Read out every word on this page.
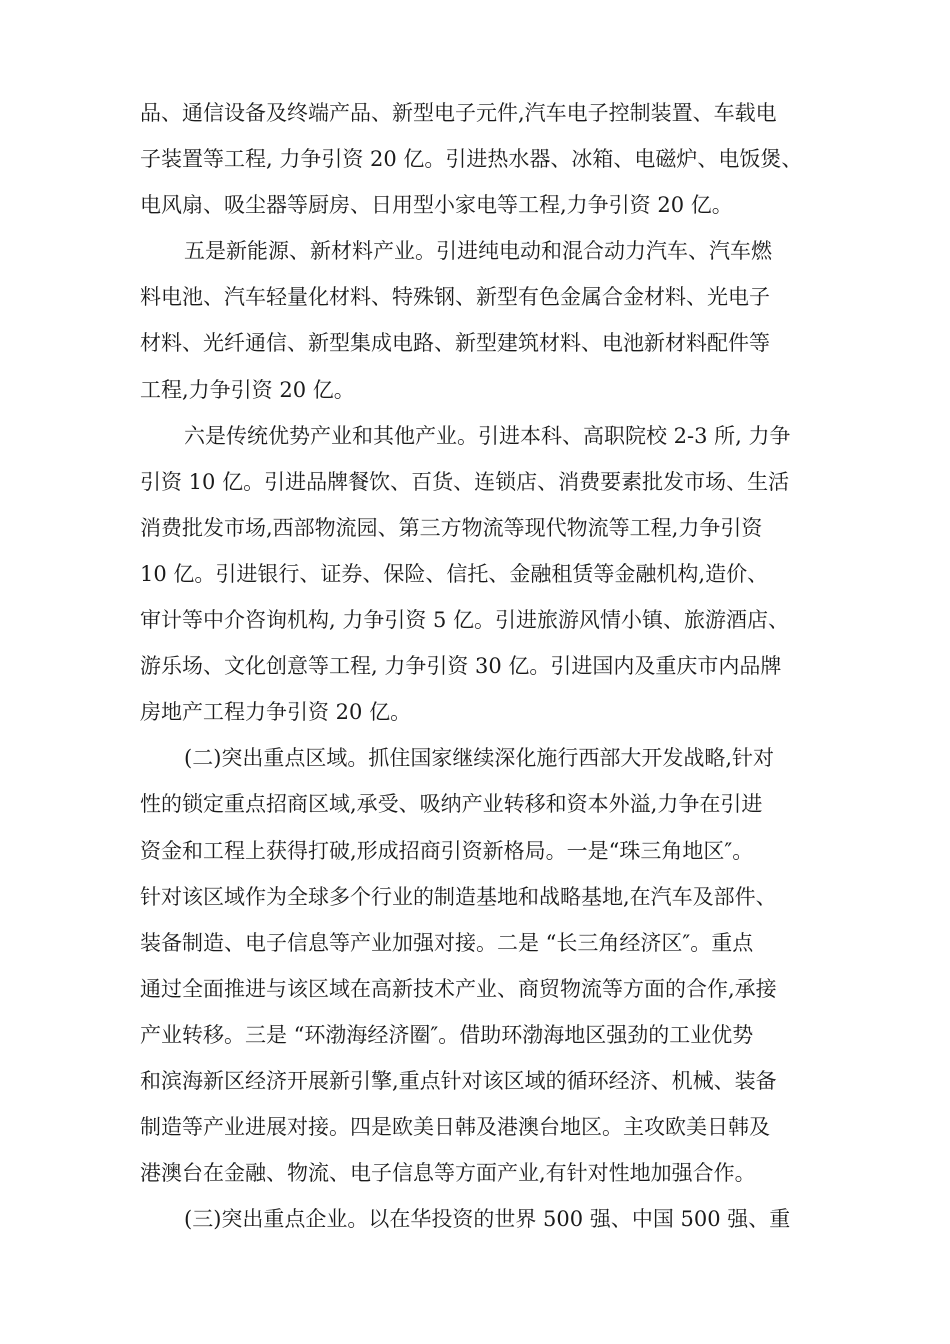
品、通信设备及终端产品、新型电子元件,汽车电子控制装置、车载电
子装置等工程, 力争引资 20 亿。引进热水器、冰箱、电磁炉、电饭煲、
电风扇、吸尘器等厨房、日用型小家电等工程,力争引资 20 亿。
五是新能源、新材料产业。引进纯电动和混合动力汽车、汽车燃
料电池、汽车轻量化材料、特殊钢、新型有色金属合金材料、光电子
材料、光纤通信、新型集成电路、新型建筑材料、电池新材料配件等
工程,力争引资 20 亿。
六是传统优势产业和其他产业。引进本科、高职院校 2-3 所, 力争
引资 10 亿。引进品牌餐饮、百货、连锁店、消费要素批发市场、生活
消费批发市场,西部物流园、第三方物流等现代物流等工程,力争引资
10 亿。引进银行、证券、保险、信托、金融租赁等金融机构,造价、
审计等中介咨询机构, 力争引资 5 亿。引进旅游风情小镇、旅游酒店、
游乐场、文化创意等工程, 力争引资 30 亿。引进国内及重庆市内品牌
房地产工程力争引资 20 亿。
(二)突出重点区域。抓住国家继续深化施行西部大开发战略,针对
性的锁定重点招商区域,承受、吸纳产业转移和资本外溢,力争在引进
资金和工程上获得打破,形成招商引资新格局。一是“珠三角地区″。
针对该区域作为全球多个行业的制造基地和战略基地,在汽车及部件、
装备制造、电子信息等产业加强对接。二是 “长三角经济区″。重点
通过全面推进与该区域在高新技术产业、商贸物流等方面的合作,承接
产业转移。三是 “环渤海经济圈″。借助环渤海地区强劲的工业优势
和滨海新区经济开展新引擎,重点针对该区域的循环经济、机械、装备
制造等产业进展对接。四是欧美日韩及港澳台地区。主攻欧美日韩及
港澳台在金融、物流、电子信息等方面产业,有针对性地加强合作。
(三)突出重点企业。以在华投资的世界 500 强、中国 500 强、重
